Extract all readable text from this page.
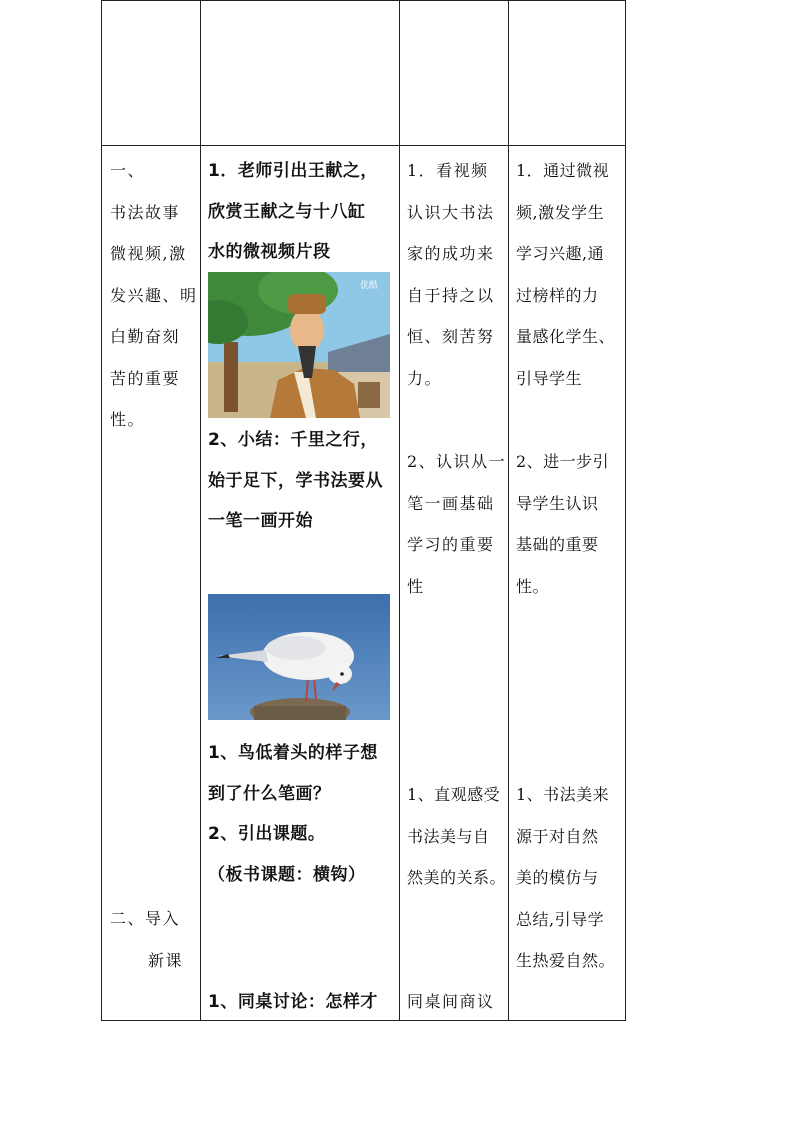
一、
书法故事
微视频,激
发兴趣、明
白勤奋刻
苦的重要
性。
二、导入
新课
1．老师引出王献之，
欣赏王献之与十八缸
水的微视频片段
优酷
2、小结：千里之行，
始于足下，学书法要从
一笔一画开始
1、鸟低着头的样子想
到了什么笔画？
2、引出课题。
（板书课题：横钩）
1、同桌讨论：怎样才
1．看视频
认识大书法
家的成功来
自于持之以
恒、刻苦努
力。
2、认识从一
笔一画基础
学习的重要
性
1、直观感受
书法美与自
然美的关系。
同桌间商议
1．通过微视
频,激发学生
学习兴趣,通
过榜样的力
量感化学生、
引导学生
2、进一步引
导学生认识
基础的重要
性。
1、书法美来
源于对自然
美的模仿与
总结,引导学
生热爱自然。
